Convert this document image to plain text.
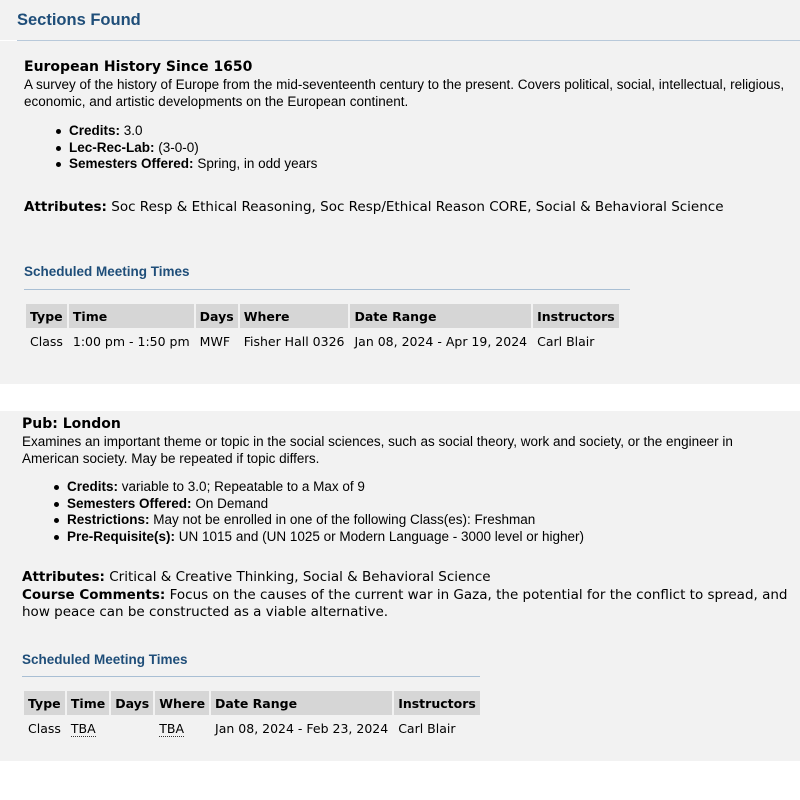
Sections Found
European History Since 1650

A survey of the history of Europe from the mid-seventeenth century to the present. Covers political, social, intellectual, religious, economic, and artistic developments on the European continent.

Credits: 3.0
Lec-Rec-Lab: (3-0-0)
Semesters Offered: Spring, in odd years

Attributes: Soc Resp & Ethical Reasoning, Soc Resp/Ethical Reason CORE, Social & Behavioral Science

Scheduled Meeting Times
Type	Time	Days	Where	Date Range	Instructors
Class	1:00 pm - 1:50 pm	MWF	Fisher Hall 0326	Jan 08, 2024 - Apr 19, 2024	Carl Blair
Pub: London

Examines an important theme or topic in the social sciences, such as social theory, work and society, or the engineer in American society. May be repeated if topic differs.

Credits: variable to 3.0; Repeatable to a Max of 9
Semesters Offered: On Demand
Restrictions: May not be enrolled in one of the following Class(es): Freshman
Pre-Requisite(s): UN 1015 and (UN 1025 or Modern Language - 3000 level or higher)

Attributes: Critical & Creative Thinking, Social & Behavioral Science

Course Comments: Focus on the causes of the current war in Gaza, the potential for the conflict to spread, and how peace can be constructed as a viable alternative.

Scheduled Meeting Times
Type	Time	Days	Where	Date Range	Instructors
Class	TBA		TBA	Jan 08, 2024 - Feb 23, 2024	Carl Blair
